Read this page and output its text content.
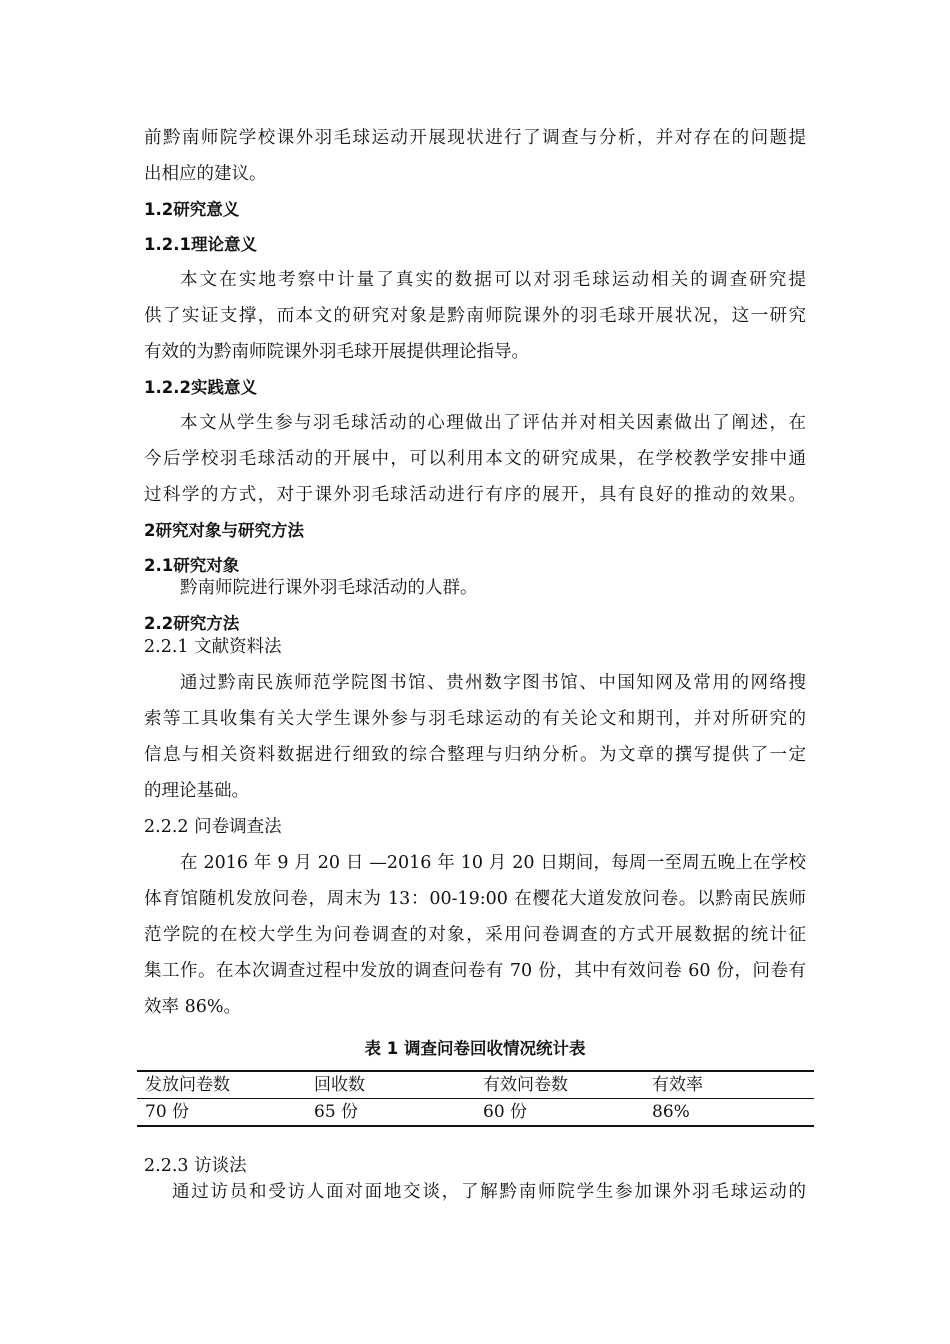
前黔南师院学校课外羽毛球运动开展现状进行了调查与分析，并对存在的问题提
出相应的建议。
1.2研究意义
1.2.1理论意义
本文在实地考察中计量了真实的数据可以对羽毛球运动相关的调查研究提
供了实证支撑，而本文的研究对象是黔南师院课外的羽毛球开展状况，这一研究
有效的为黔南师院课外羽毛球开展提供理论指导。
1.2.2实践意义
本文从学生参与羽毛球活动的心理做出了评估并对相关因素做出了阐述，在
今后学校羽毛球活动的开展中，可以利用本文的研究成果，在学校教学安排中通
过科学的方式，对于课外羽毛球活动进行有序的展开，具有良好的推动的效果。
2研究对象与研究方法
2.1研究对象
黔南师院进行课外羽毛球活动的人群。
2.2研究方法
2.2.1 文献资料法
通过黔南民族师范学院图书馆、贵州数字图书馆、中国知网及常用的网络搜
索等工具收集有关大学生课外参与羽毛球运动的有关论文和期刊，并对所研究的
信息与相关资料数据进行细致的综合整理与归纳分析。为文章的撰写提供了一定
的理论基础。
2.2.2 问卷调查法
在 2016 年 9 月 20 日 —2016 年 10 月 20 日期间，每周一至周五晚上在学校
体育馆随机发放问卷，周末为 13：00-19:00 在樱花大道发放问卷。以黔南民族师
范学院的在校大学生为问卷调查的对象，采用问卷调查的方式开展数据的统计征
集工作。在本次调查过程中发放的调查问卷有 70 份，其中有效问卷 60 份，问卷有
效率 86%。
表 1 调查问卷回收情况统计表
发放问卷数	回收数	有效问卷数	有效率
70 份	65 份	60 份	86%
2.2.3 访谈法
通过访员和受访人面对面地交谈，了解黔南师院学生参加课外羽毛球运动的
